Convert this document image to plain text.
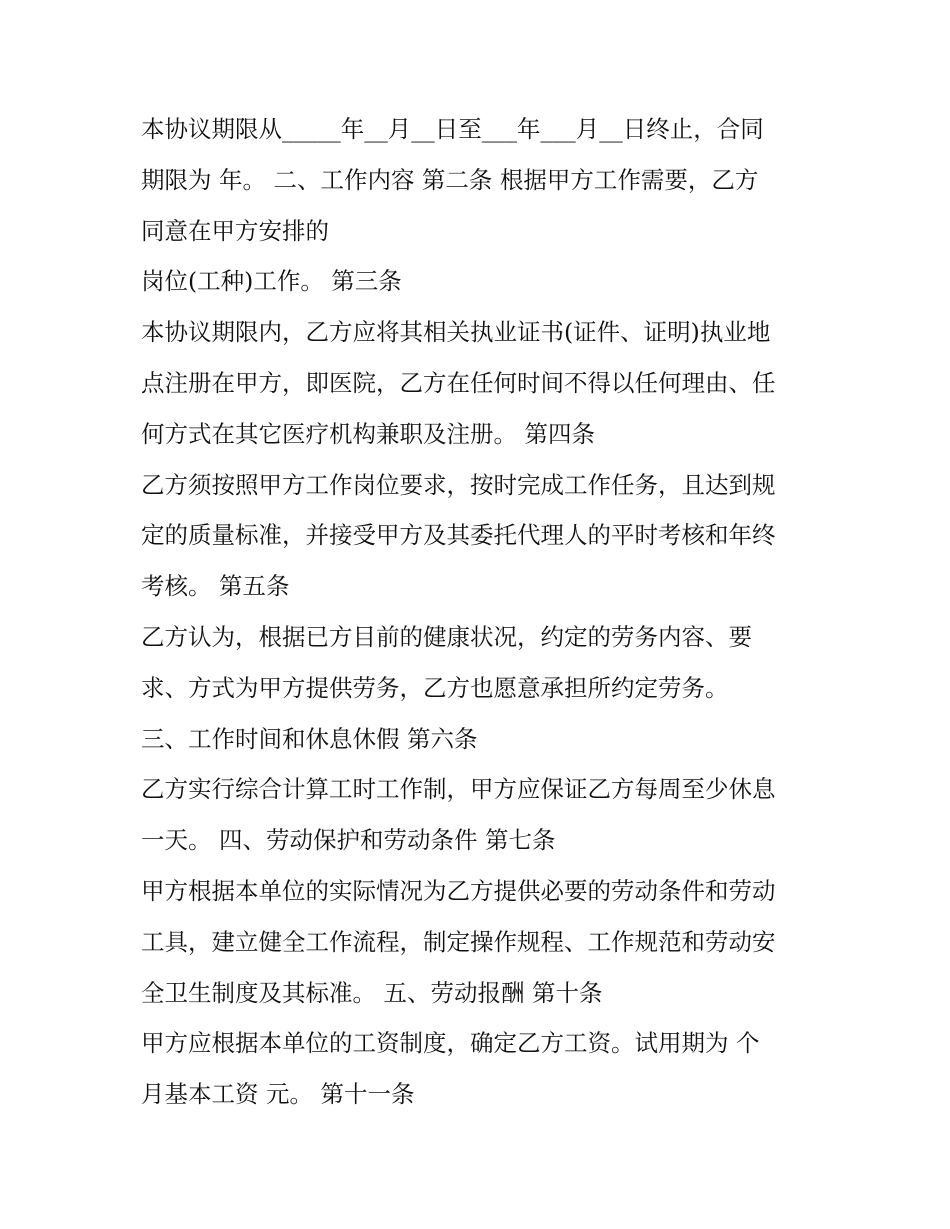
本协议期限从_____年__月__日至___年___月__日终止，合同
期限为 年。 二、工作内容 第二条 根据甲方工作需要，乙方
同意在甲方安排的
岗位(工种)工作。 第三条
本协议期限内，乙方应将其相关执业证书(证件、证明)执业地
点注册在甲方，即医院，乙方在任何时间不得以任何理由、任
何方式在其它医疗机构兼职及注册。 第四条
乙方须按照甲方工作岗位要求，按时完成工作任务，且达到规
定的质量标准，并接受甲方及其委托代理人的平时考核和年终
考核。 第五条
乙方认为，根据已方目前的健康状况，约定的劳务内容、要
求、方式为甲方提供劳务，乙方也愿意承担所约定劳务。
三、工作时间和休息休假 第六条
乙方实行综合计算工时工作制，甲方应保证乙方每周至少休息
一天。 四、劳动保护和劳动条件 第七条
甲方根据本单位的实际情况为乙方提供必要的劳动条件和劳动
工具，建立健全工作流程，制定操作规程、工作规范和劳动安
全卫生制度及其标准。 五、劳动报酬 第十条
甲方应根据本单位的工资制度，确定乙方工资。试用期为 个
月基本工资 元。 第十一条
